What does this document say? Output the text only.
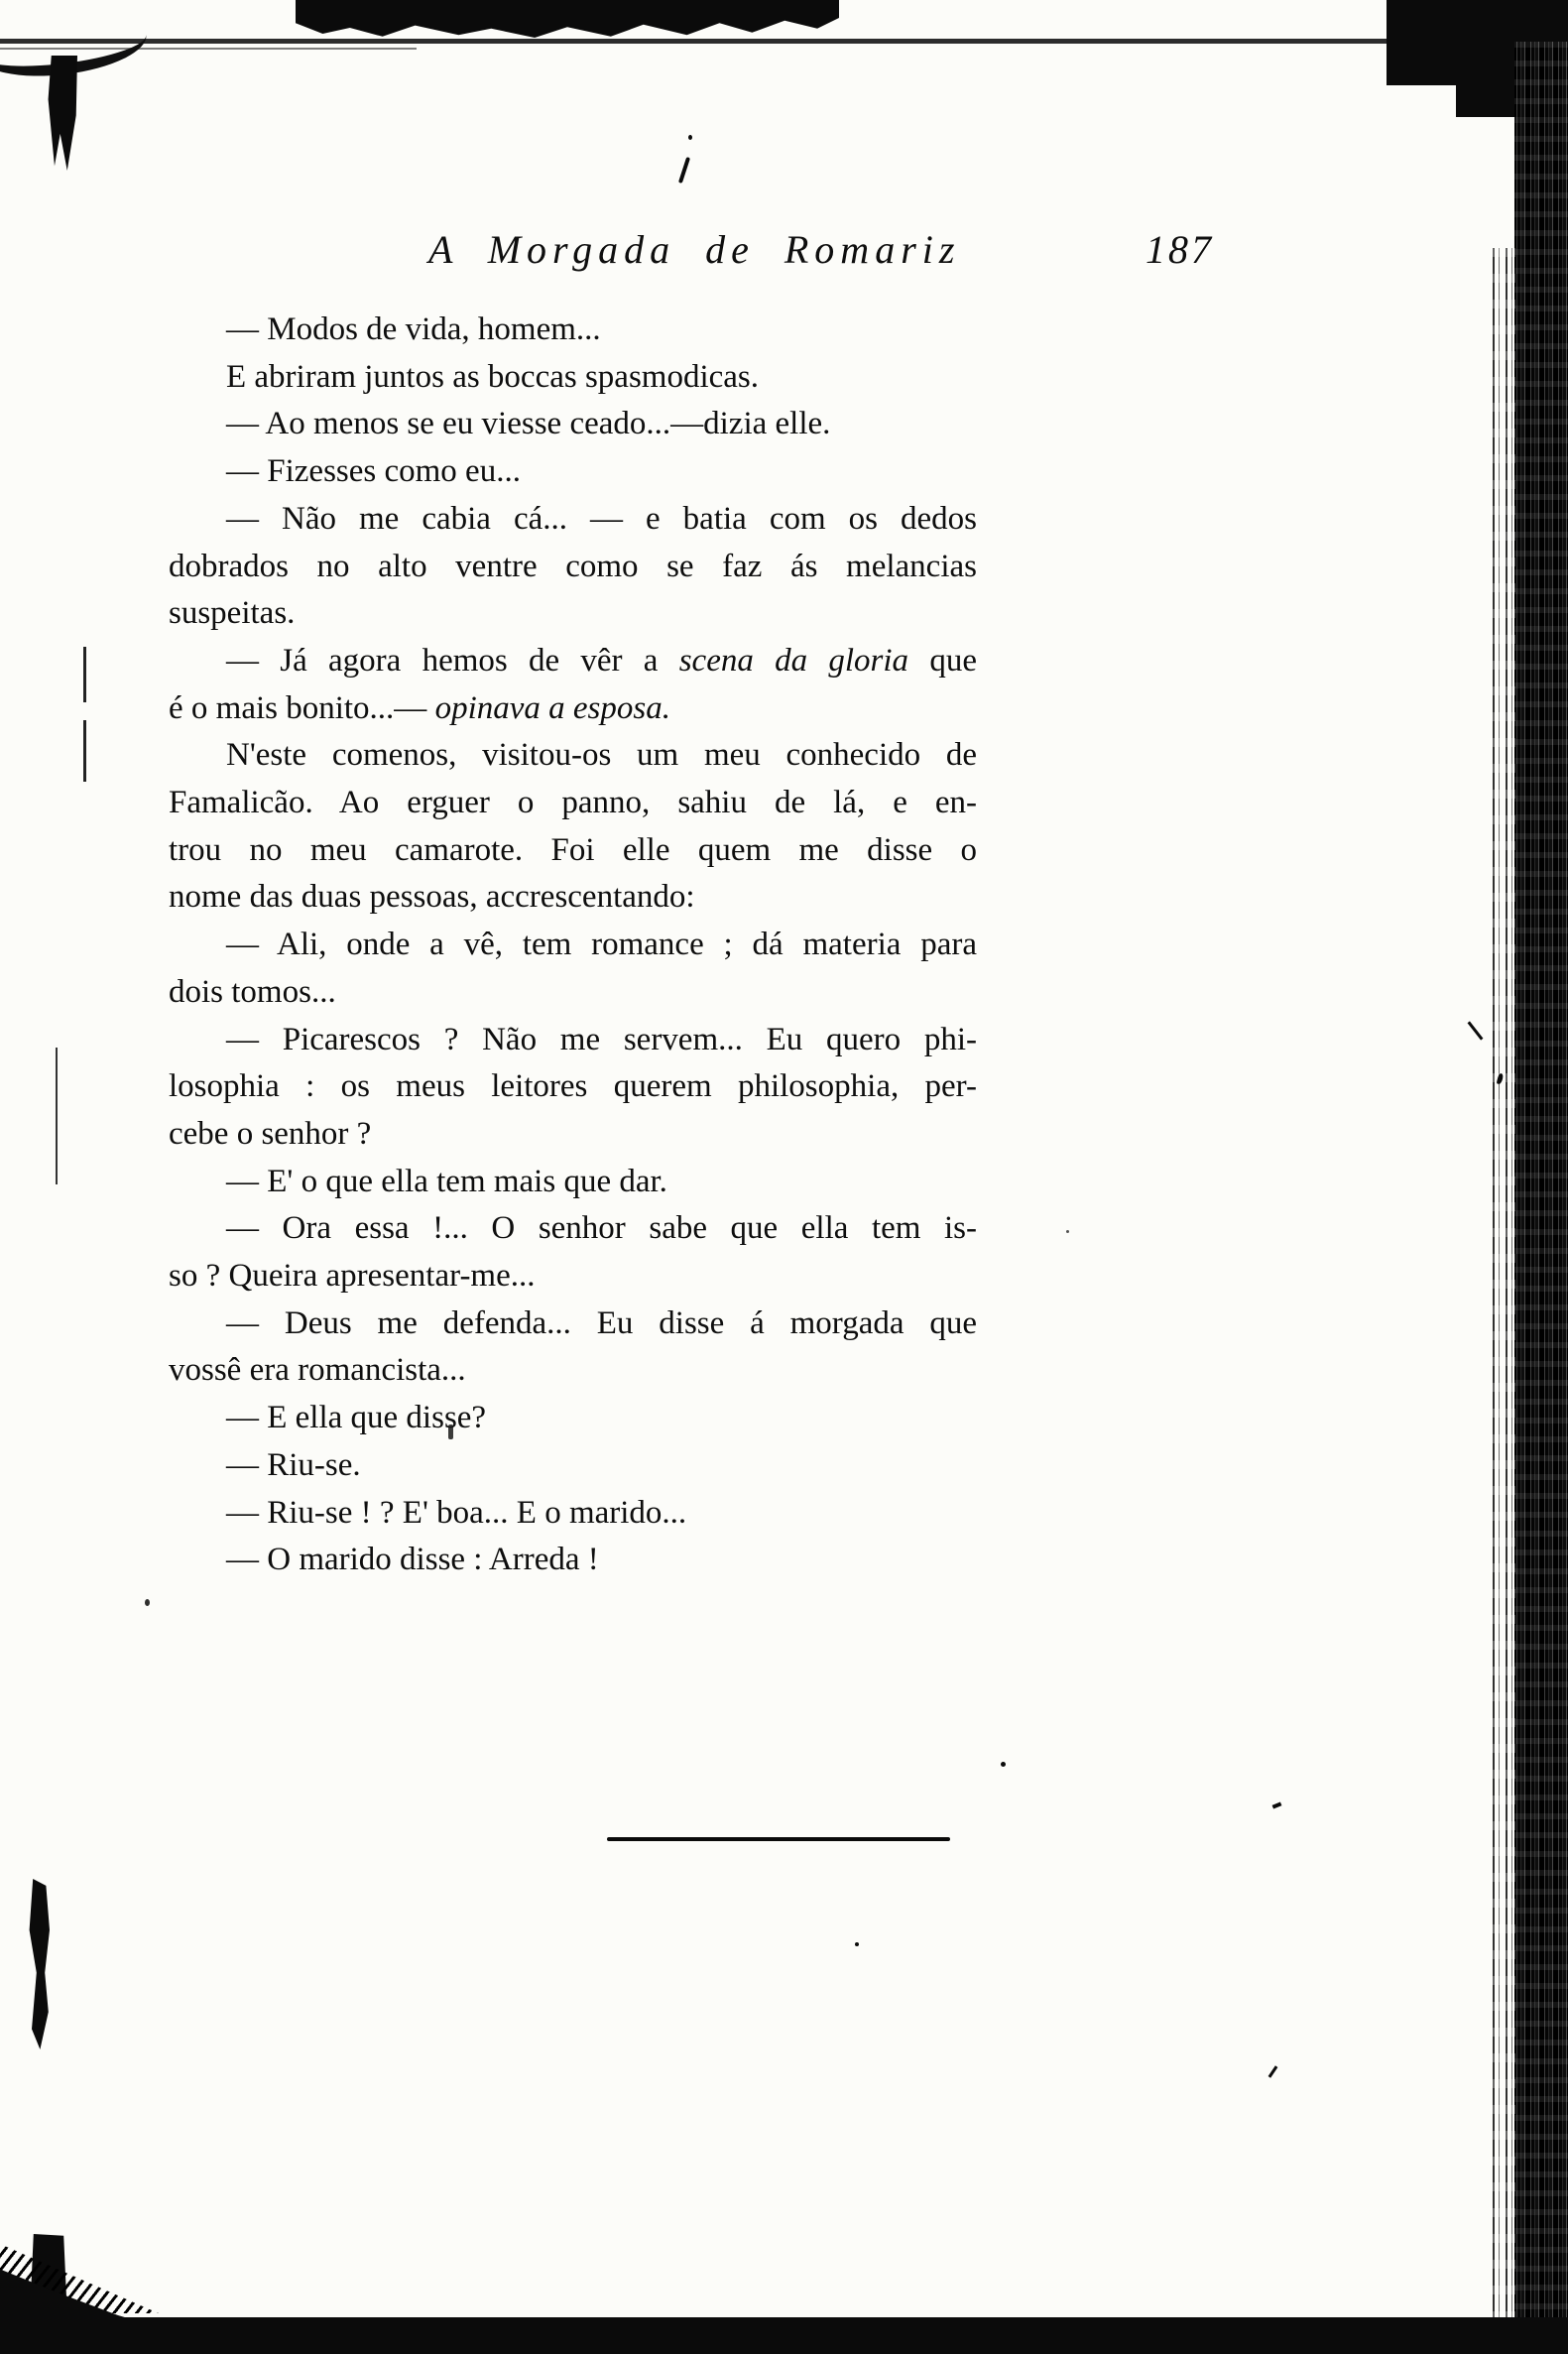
A Morgada de Romariz	187
— Modos de vida, homem...
E abriram juntos as boccas spasmodicas.
— Ao menos se eu viesse ceado...—dizia elle.
— Fizesses como eu...
— Não me cabia cá... — e batia com os dedos
dobrados no alto ventre como se faz ás melancias
suspeitas.
— Já agora hemos de vêr a scena da gloria que
é o mais bonito...— opinava a esposa.
N'este comenos, visitou-os um meu conhecido de
Famalicão. Ao erguer o panno, sahiu de lá, e en-
trou no meu camarote. Foi elle quem me disse o
nome das duas pessoas, accrescentando:
— Ali, onde a vê, tem romance ; dá materia para
dois tomos...
— Picarescos ? Não me servem... Eu quero phi-
losophia : os meus leitores querem philosophia, per-
cebe o senhor ?
— E' o que ella tem mais que dar.
— Ora essa !... O senhor sabe que ella tem is-
so ? Queira apresentar-me...
— Deus me defenda... Eu disse á morgada que
vossê era romancista...
— E ella que disse?
— Riu-se.
— Riu-se ! ? E' boa... E o marido...
— O marido disse : Arreda !
